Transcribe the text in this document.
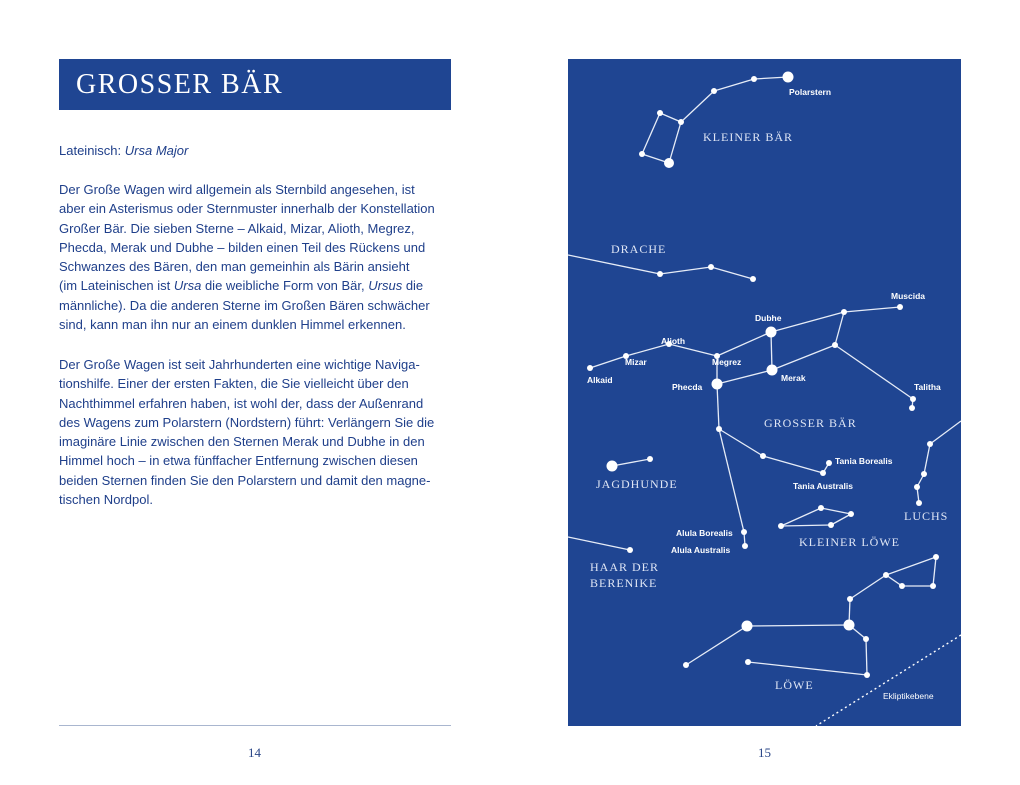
GROSSER BÄR
Lateinisch: Ursa Major

Der Große Wagen wird allgemein als Sternbild angesehen, ist
aber ein Asterismus oder Sternmuster innerhalb der Konstellation
Großer Bär. Die sieben Sterne – Alkaid, Mizar, Alioth, Megrez,
Phecda, Merak und Dubhe – bilden einen Teil des Rückens und
Schwanzes des Bären, den man gemeinhin als Bärin ansieht
(im Lateinischen ist Ursa die weibliche Form von Bär, Ursus die
männliche). Da die anderen Sterne im Großen Bären schwächer
sind, kann man ihn nur an einem dunklen Himmel erkennen.

Der Große Wagen ist seit Jahrhunderten eine wichtige Naviga-
tionshilfe. Einer der ersten Fakten, die Sie vielleicht über den
Nachthimmel erfahren haben, ist wohl der, dass der Außenrand
des Wagens zum Polarstern (Nordstern) führt: Verlängern Sie die
imaginäre Linie zwischen den Sternen Merak und Dubhe in den
Himmel hoch – in etwa fünffacher Entfernung zwischen diesen
beiden Sternen finden Sie den Polarstern und damit den magne-
tischen Nordpol.

14
KLEINER BÄR
DRACHE
GROSSER BÄR
JAGDHUNDE
LUCHS
KLEINER LÖWE
HAAR DER
BERENIKE
LÖWE
Polarstern
Muscida
Dubhe
Alioth
Mizar	Megrez
Alkaid
Phecda
Merak
Talitha
Tania Borealis
Tania Australis
Alula Borealis
Alula Australis
Ekliptikebene
15
